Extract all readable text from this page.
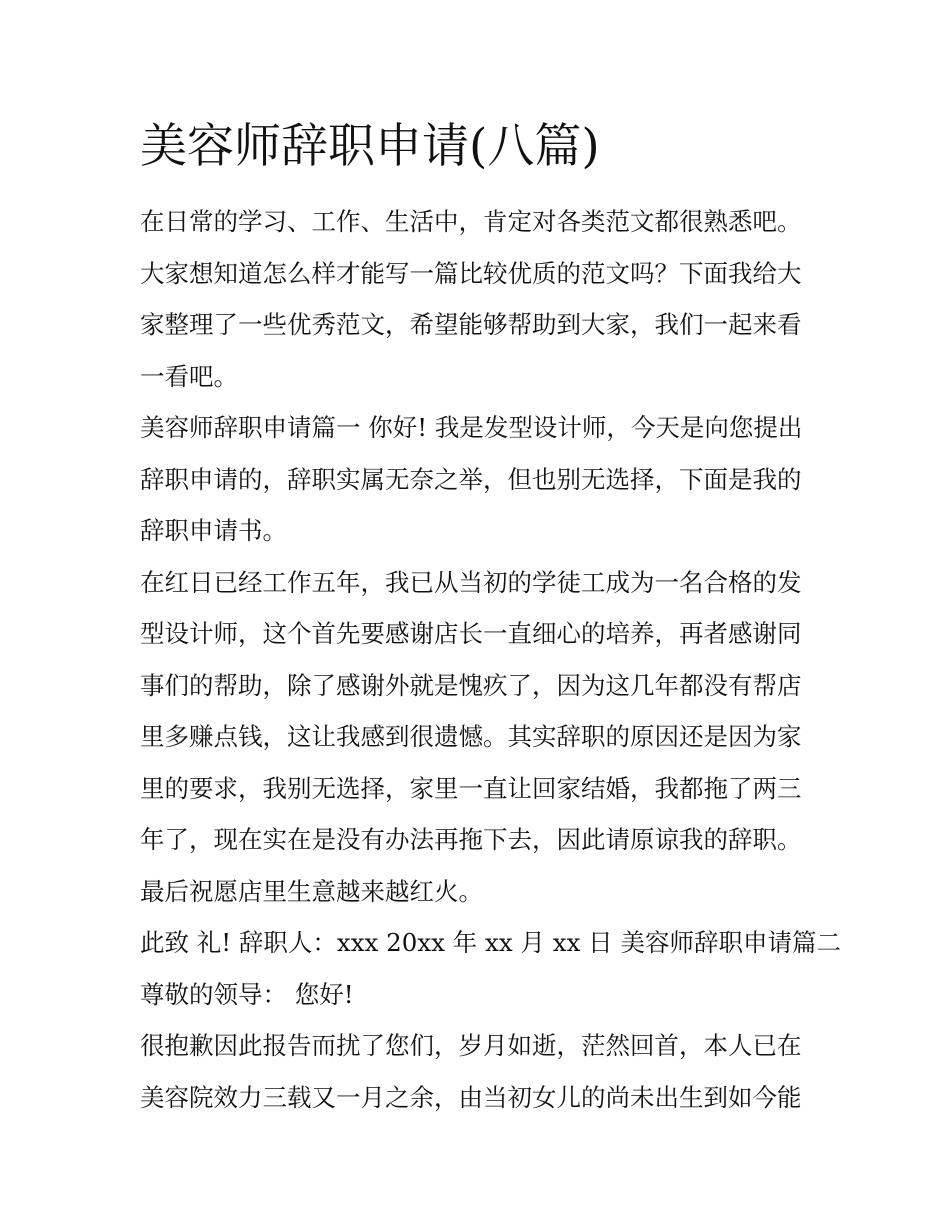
美容师辞职申请(八篇)

在日常的学习、工作、生活中，肯定对各类范文都很熟悉吧。

大家想知道怎么样才能写一篇比较优质的范文吗？下面我给大

家整理了一些优秀范文，希望能够帮助到大家，我们一起来看

一看吧。

美容师辞职申请篇一 你好! 我是发型设计师，今天是向您提出

辞职申请的，辞职实属无奈之举，但也别无选择，下面是我的

辞职申请书。

在红日已经工作五年，我已从当初的学徒工成为一名合格的发

型设计师，这个首先要感谢店长一直细心的培养，再者感谢同

事们的帮助，除了感谢外就是愧疚了，因为这几年都没有帮店

里多赚点钱，这让我感到很遗憾。其实辞职的原因还是因为家

里的要求，我别无选择，家里一直让回家结婚，我都拖了两三

年了，现在实在是没有办法再拖下去，因此请原谅我的辞职。

最后祝愿店里生意越来越红火。

此致 礼! 辞职人：xxx 20xx 年 xx 月 xx 日 美容师辞职申请篇二

尊敬的领导： 您好!

很抱歉因此报告而扰了您们，岁月如逝，茫然回首，本人已在

美容院效力三载又一月之余，由当初女儿的尚未出生到如今能
